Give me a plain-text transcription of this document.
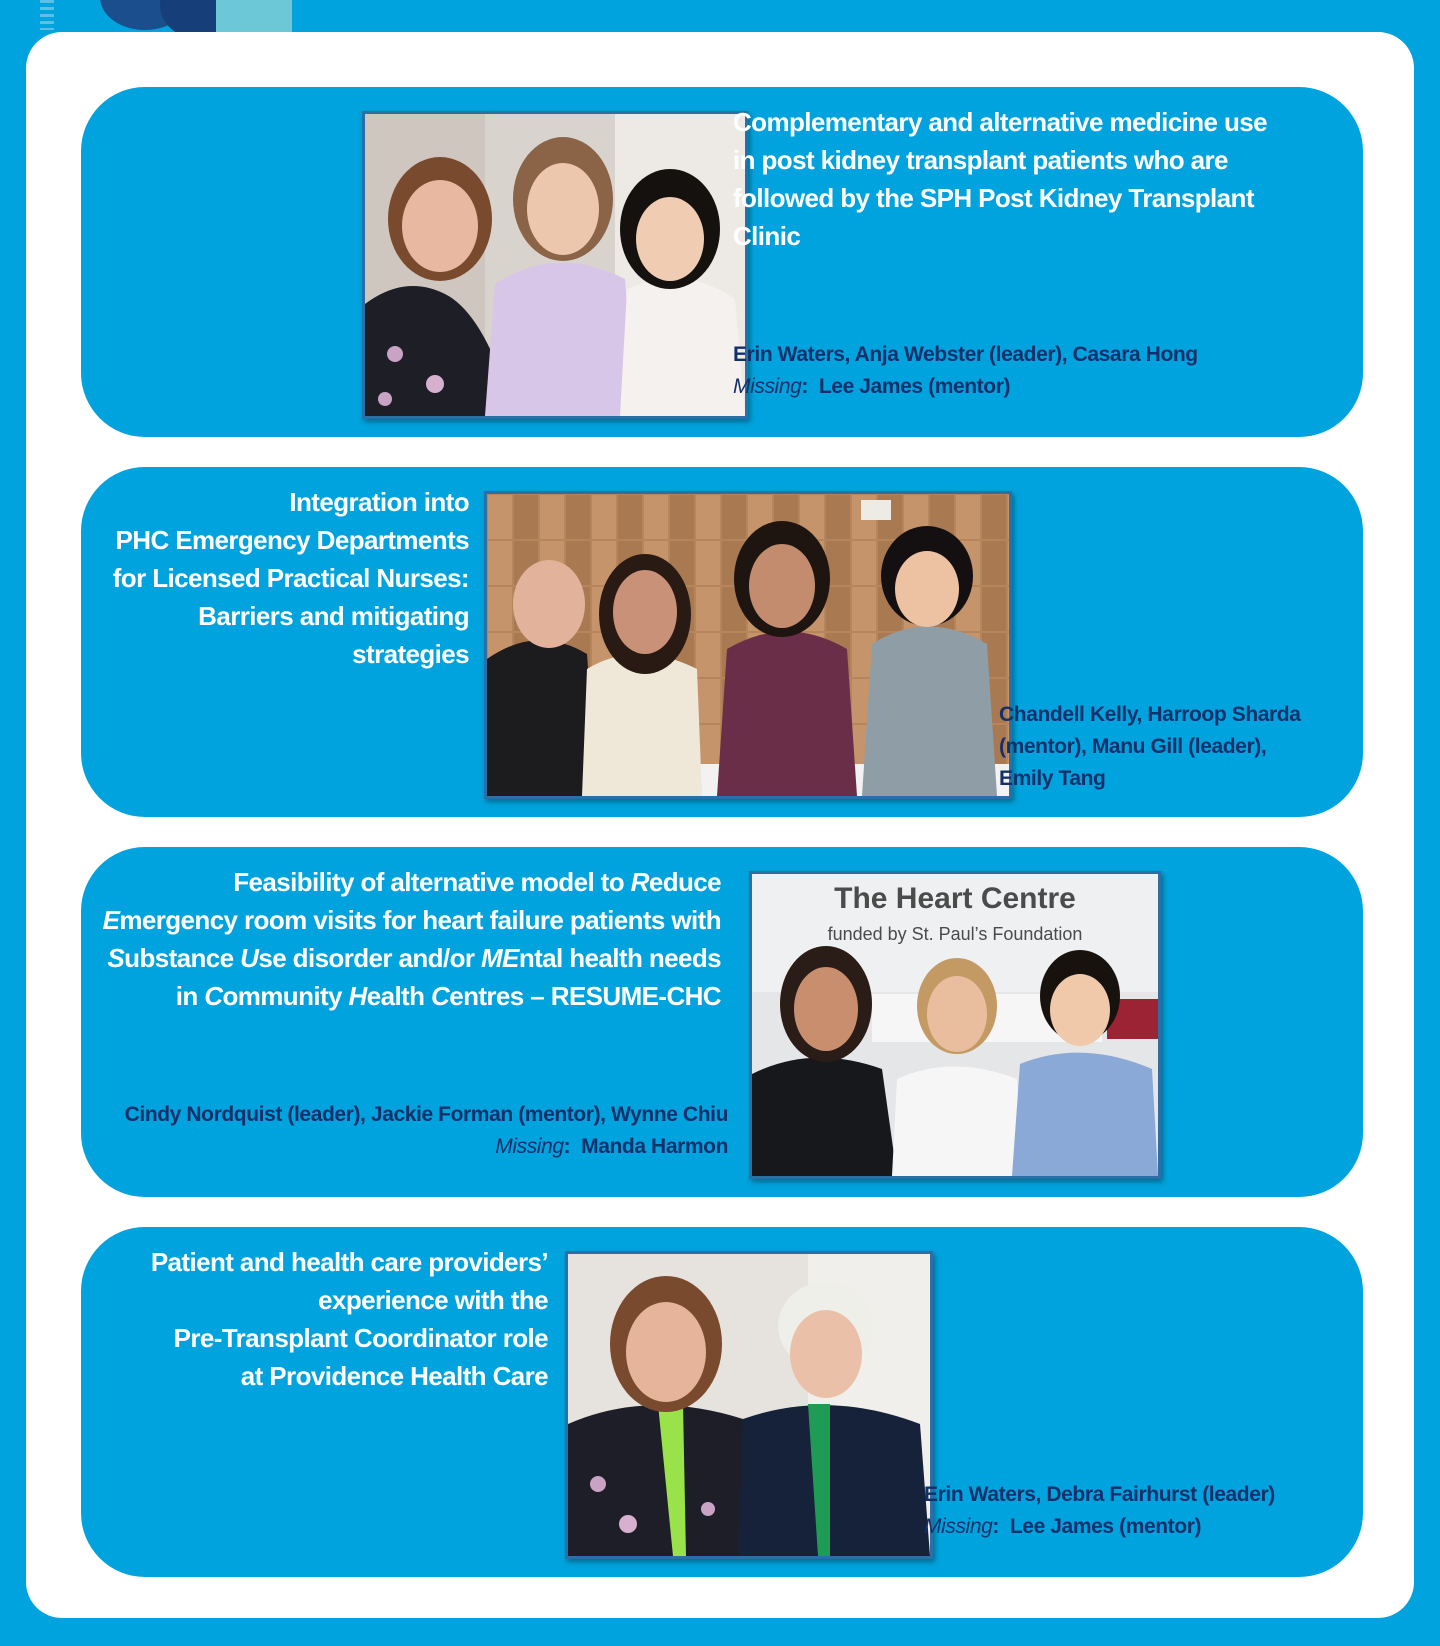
Complementary and alternative medicine use in post kidney transplant patients who are followed by the SPH Post Kidney Transplant Clinic
Erin Waters, Anja Webster (leader), Casara Hong
Missing:  Lee James (mentor)
Integration into
PHC Emergency Departments
for Licensed Practical Nurses:
Barriers and mitigating
strategies
Chandell Kelly, Harroop Sharda
(mentor), Manu Gill (leader),
Emily Tang
Feasibility of alternative model to Reduce
Emergency room visits for heart failure patients with
Substance Use disorder and/or MEntal health needs
in Community Health Centres – RESUME-CHC
Cindy Nordquist (leader), Jackie Forman (mentor), Wynne Chiu
Missing:  Manda Harmon
The Heart Centre
funded by St. Paul’s Foundation
Patient and health care providers’
experience with the
Pre-Transplant Coordinator role
at Providence Health Care
Erin Waters, Debra Fairhurst (leader)
Missing:  Lee James (mentor)
